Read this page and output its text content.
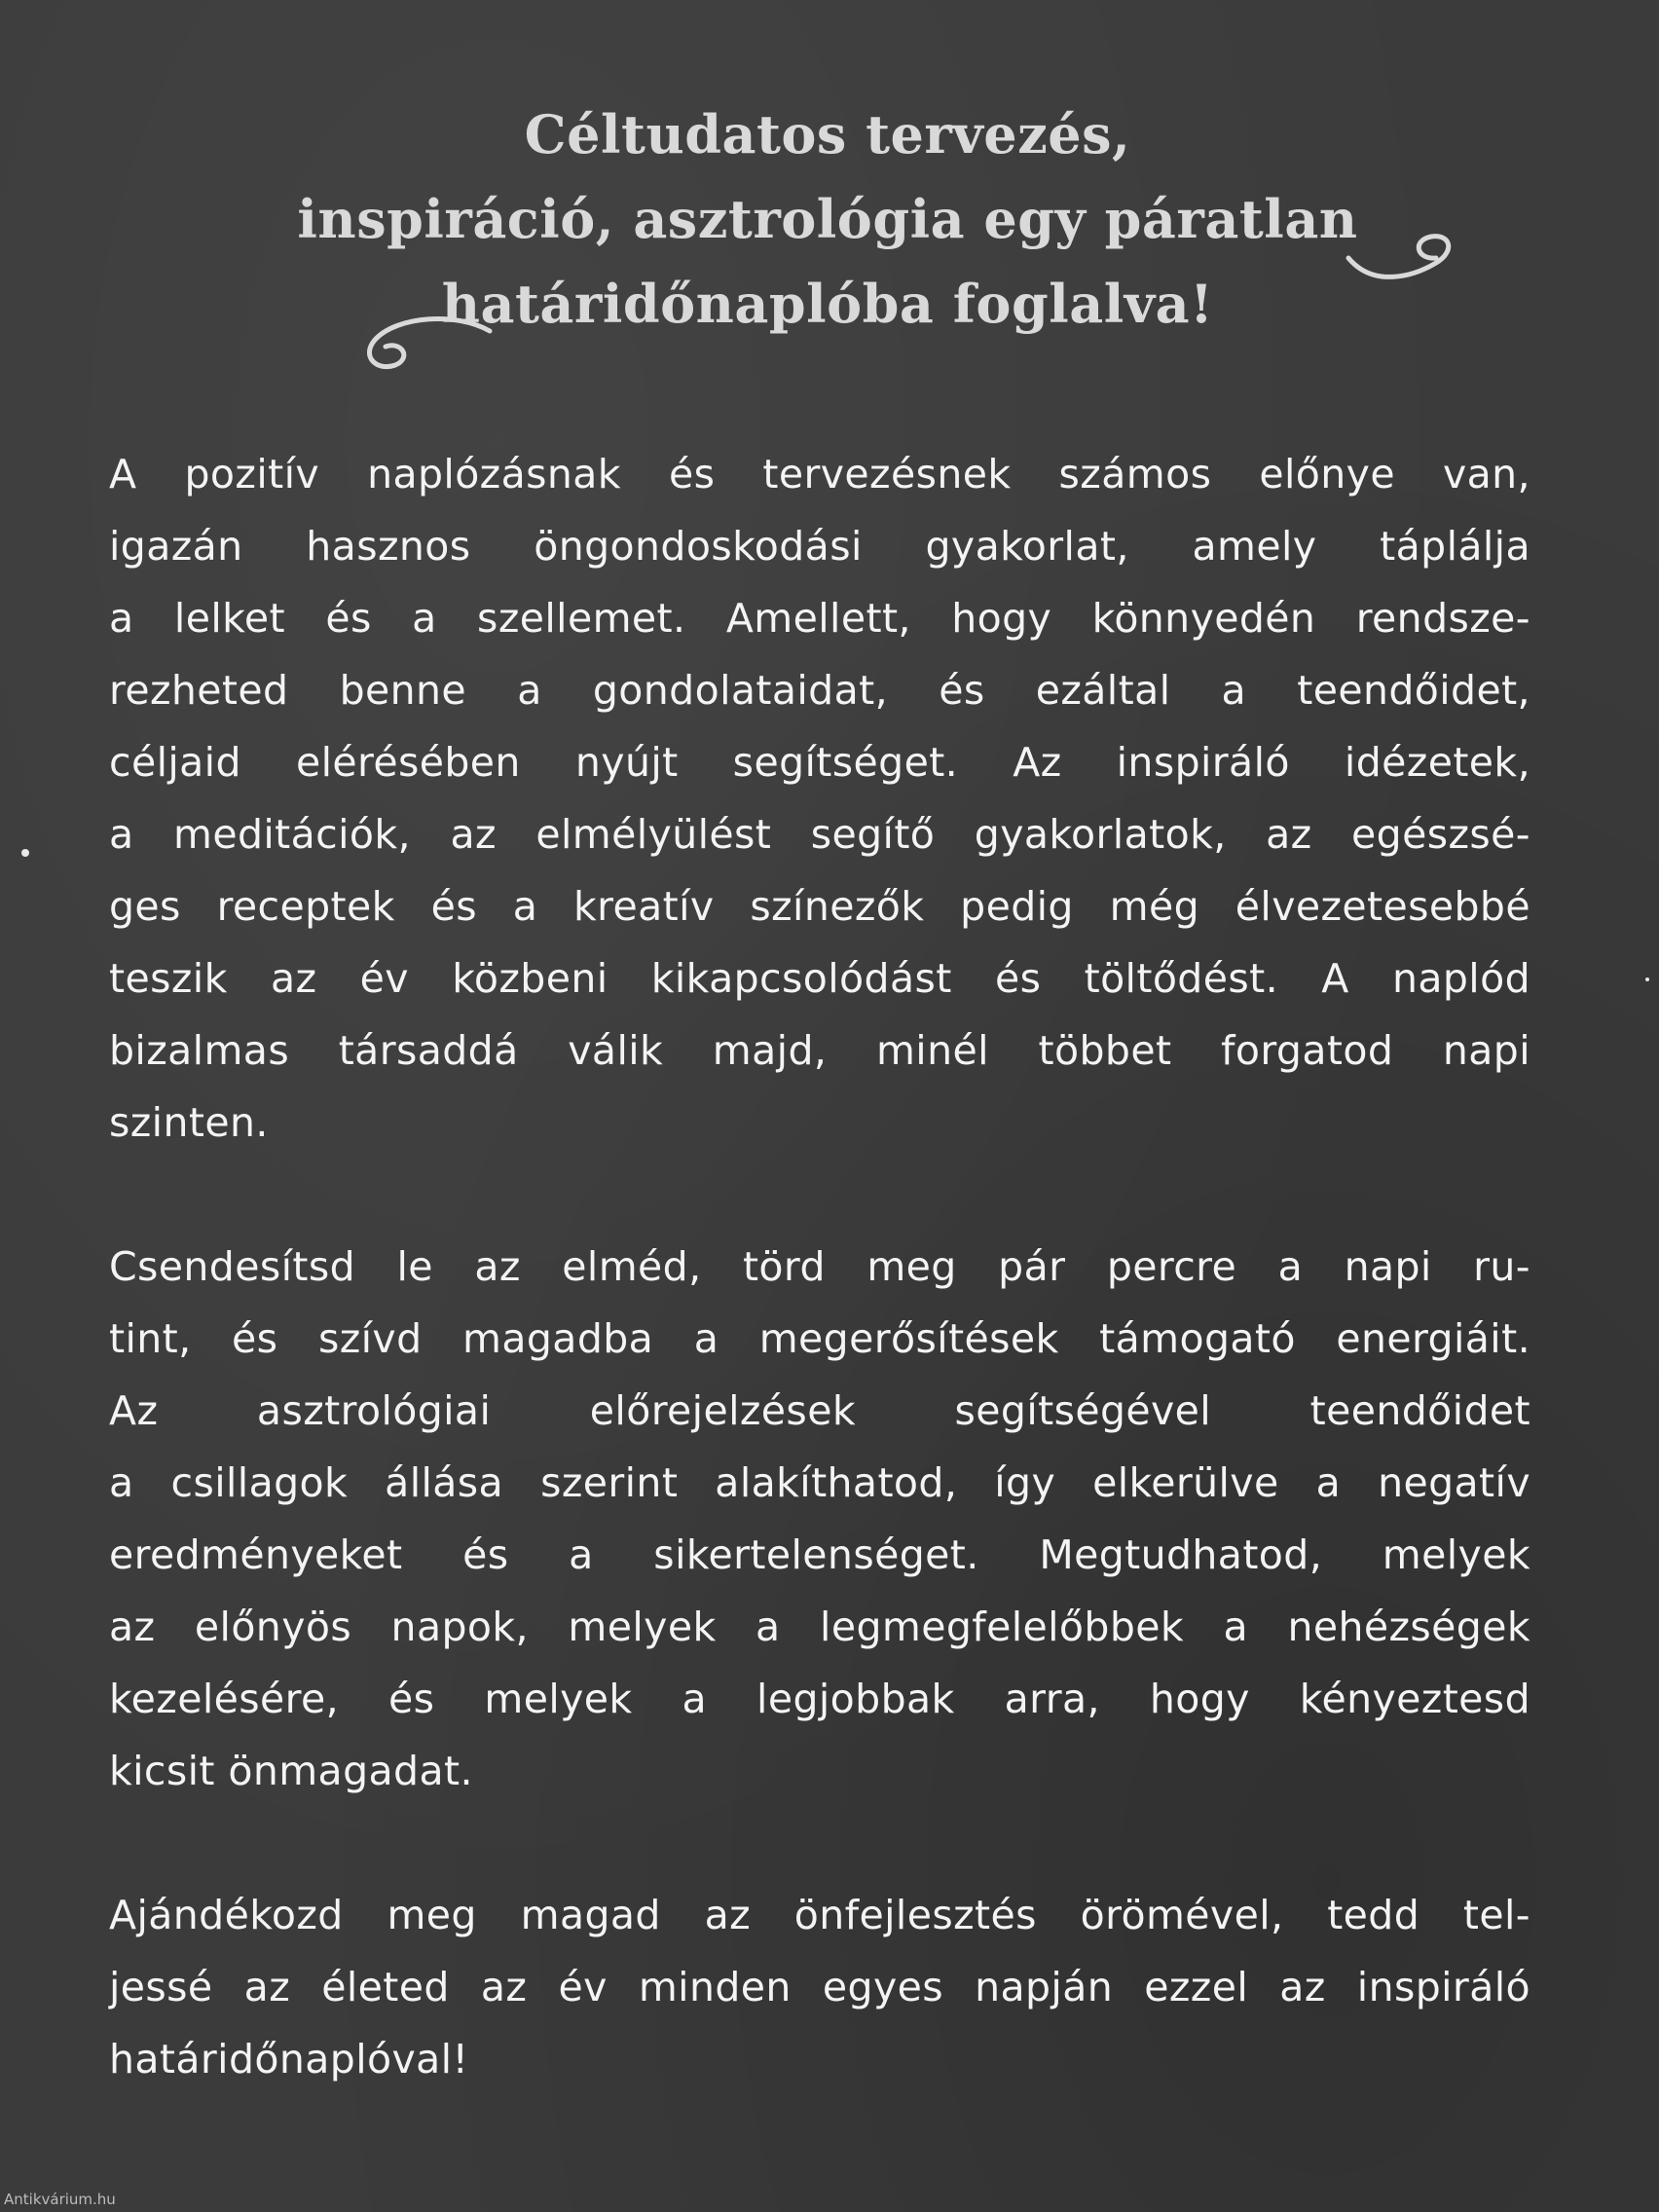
Céltudatos tervezés,
inspiráció, asztrológia egy páratlan
határidőnaplóba foglalva!

A pozitív naplózásnak és tervezésnek számos előnye van,
igazán hasznos öngondoskodási gyakorlat, amely táplálja
a lelket és a szellemet. Amellett, hogy könnyedén rendsze-
rezheted benne a gondolataidat, és ezáltal a teendőidet,
céljaid elérésében nyújt segítséget. Az inspiráló idézetek,
a meditációk, az elmélyülést segítő gyakorlatok, az egészsé-
ges receptek és a kreatív színezők pedig még élvezetesebbé
teszik az év közbeni kikapcsolódást és töltődést. A naplód
bizalmas társaddá válik majd, minél többet forgatod napi
szinten.

Csendesítsd le az elméd, törd meg pár percre a napi ru-
tint, és szívd magadba a megerősítések támogató energiáit.
Az asztrológiai előrejelzések segítségével teendőidet
a csillagok állása szerint alakíthatod, így elkerülve a negatív
eredményeket és a sikertelenséget. Megtudhatod, melyek
az előnyös napok, melyek a legmegfelelőbbek a nehézségek
kezelésére, és melyek a legjobbak arra, hogy kényeztesd
kicsit önmagadat.

Ajándékozd meg magad az önfejlesztés örömével, tedd tel-
jessé az életed az év minden egyes napján ezzel az inspiráló
határidőnaplóval!

Antikvárium.hu
